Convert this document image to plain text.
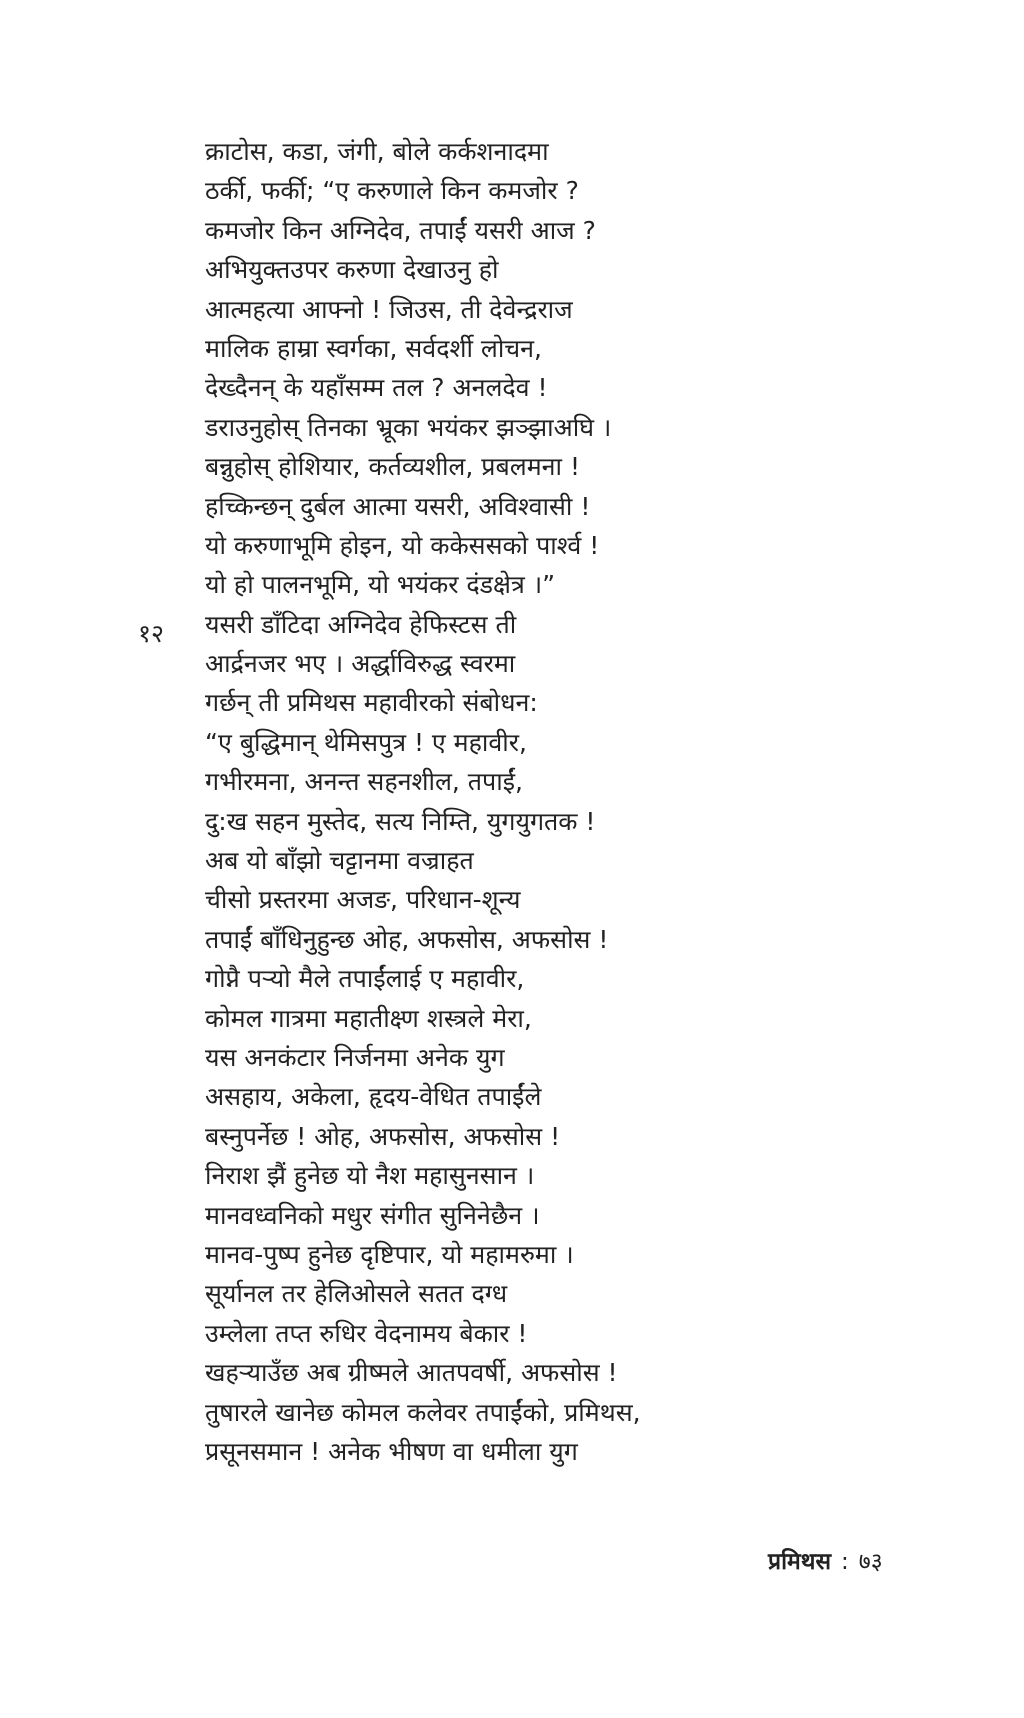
१२
क्राटोस, कडा, जंगी, बोले कर्कशनादमा
ठर्की, फर्की; “ए करुणाले किन कमजोर ?
कमजोर किन अग्निदेव, तपाईं यसरी आज ?
अभियुक्तउपर करुणा देखाउनु हो
आत्महत्या आफ्नो ! जिउस, ती देवेन्द्रराज
मालिक हाम्रा स्वर्गका, सर्वदर्शी लोचन,
देख्दैनन् के यहाँसम्म तल ? अनलदेव !
डराउनुहोस् तिनका भ्रूका भयंकर झञ्झाअघि ।
बन्नुहोस् होशियार, कर्तव्यशील, प्रबलमना !
हच्किन्छन् दुर्बल आत्मा यसरी, अविश्वासी !
यो करुणाभूमि होइन, यो ककेससको पार्श्व !
यो हो पालनभूमि, यो भयंकर दंडक्षेत्र ।”
यसरी डाँटिदा अग्निदेव हेफिस्टस ती
आर्द्रनजर भए । अर्द्धाविरुद्ध स्वरमा
गर्छन् ती प्रमिथस महावीरको संबोधन:
“ए बुद्धिमान् थेमिसपुत्र ! ए महावीर,
गभीरमना, अनन्त सहनशील, तपाईं,
दु:ख सहन मुस्तेद, सत्य निम्ति, युगयुगतक !
अब यो बाँझो चट्टानमा वज्राहत
चीसो प्रस्तरमा अजङ, परिधान-शून्य
तपाईं बाँधिनुहुन्छ ओह, अफसोस, अफसोस !
गोप्नै पऱ्यो मैले तपाईंलाई ए महावीर,
कोमल गात्रमा महातीक्ष्ण शस्त्रले मेरा,
यस अनकंटार निर्जनमा अनेक युग
असहाय, अकेला, हृदय-वेधित तपाईंले
बस्नुपर्नेछ ! ओह, अफसोस, अफसोस !
निराश झैं हुनेछ यो नैश महासुनसान ।
मानवध्वनिको मधुर संगीत सुनिनेछैन ।
मानव-पुष्प हुनेछ दृष्टिपार, यो महामरुमा ।
सूर्यानल तर हेलिओसले सतत दग्ध
उम्लेला तप्त रुधिर वेदनामय बेकार !
खहऱ्याउँछ अब ग्रीष्मले आतपवर्षी, अफसोस !
तुषारले खानेछ कोमल कलेवर तपाईंको, प्रमिथस,
प्रसूनसमान ! अनेक भीषण वा धमीला युग
प्रमिथस : ७३
